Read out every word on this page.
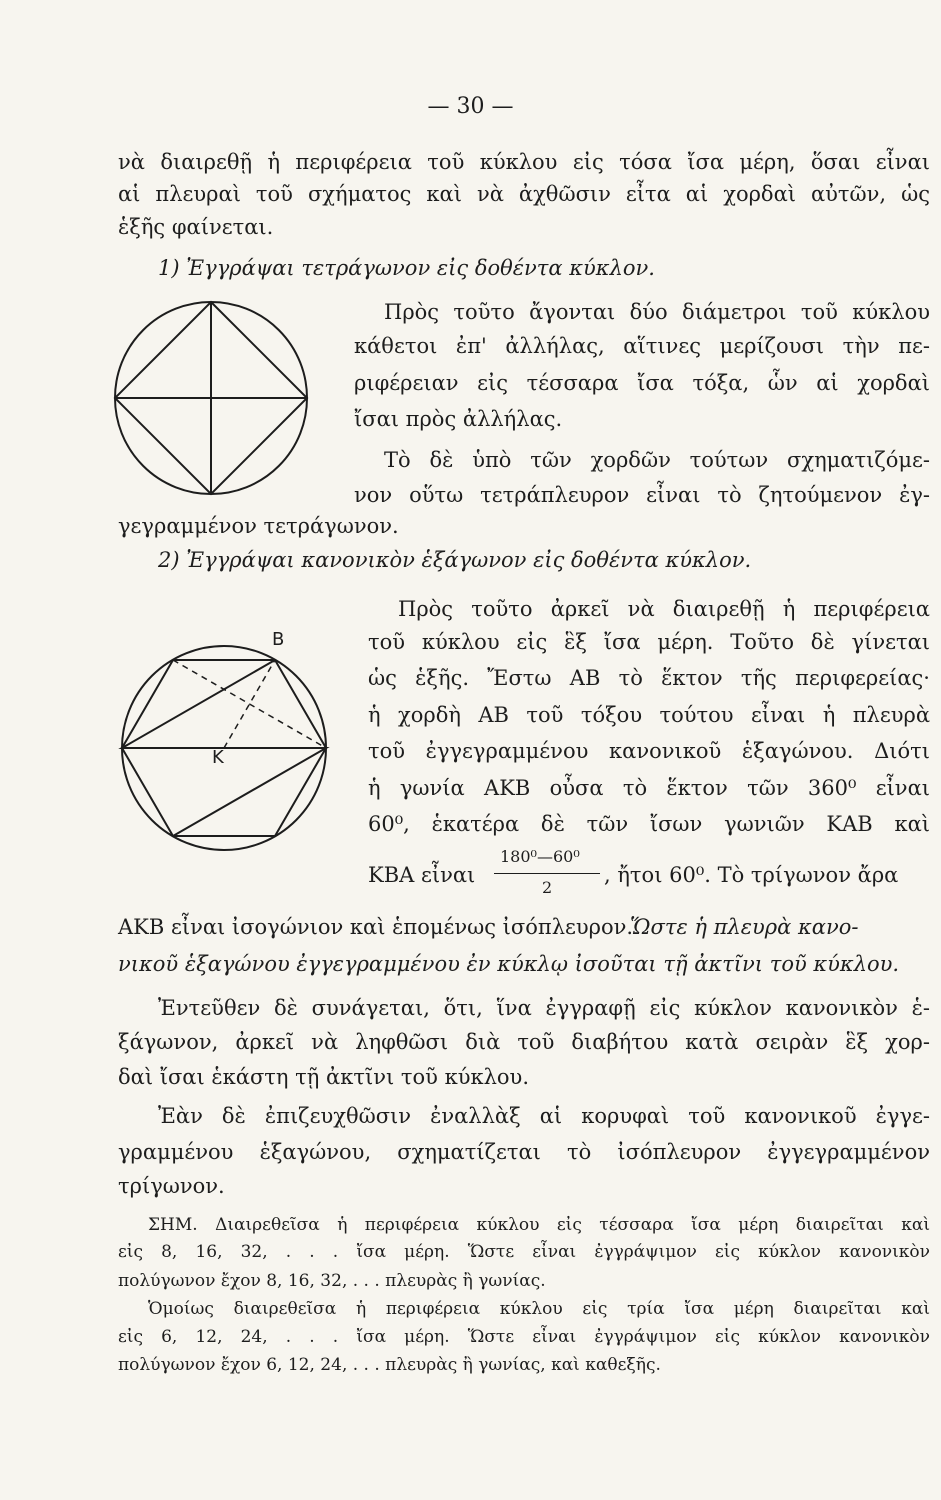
— 30 —
νὰ διαιρεθῇ ἡ περιφέρεια τοῦ κύκλου εἰς τόσα ἴσα μέρη, ὅσαι εἶναι
αἱ πλευραὶ τοῦ σχήματος καὶ νὰ ἀχθῶσιν εἶτα αἱ χορδαὶ αὐτῶν, ὡς
ἑξῆς φαίνεται.
1) Ἐγγράψαι τετράγωνον εἰς δοθέντα κύκλον.
Πρὸς τοῦτο ἄγονται δύο διάμετροι τοῦ κύκλου
κάθετοι ἐπ' ἀλλήλας, αἵτινες μερίζουσι τὴν πε-
ριφέρειαν εἰς τέσσαρα ἴσα τόξα, ὧν αἱ χορδαὶ
ἴσαι πρὸς ἀλλήλας.
Τὸ δὲ ὑπὸ τῶν χορδῶν τούτων σχηματιζόμε-
νον οὕτω τετράπλευρον εἶναι τὸ ζητούμενον ἐγ-
γεγραμμένον τετράγωνον.
2) Ἐγγράψαι κανονικὸν ἑξάγωνον εἰς δοθέντα κύκλον.
B
K
Πρὸς τοῦτο ἀρκεῖ νὰ διαιρεθῇ ἡ περιφέρεια
τοῦ κύκλου εἰς ἓξ ἴσα μέρη. Τοῦτο δὲ γίνεται
ὡς ἑξῆς. Ἔστω ΑΒ τὸ ἕκτον τῆς περιφερείας·
ἡ χορδὴ ΑΒ τοῦ τόξου τούτου εἶναι ἡ πλευρὰ
τοῦ ἐγγεγραμμένου κανονικοῦ ἑξαγώνου. Διότι
ἡ γωνία ΑΚΒ οὖσα τὸ ἕκτον τῶν 360⁰ εἶναι
60⁰, ἑκατέρα δὲ τῶν ἴσων γωνιῶν ΚΑΒ καὶ
ΚΒΑ εἶναι
180⁰—60⁰
2
, ἤτοι 60⁰. Τὸ τρίγωνον ἄρα
ΑΚΒ εἶναι ἰσογώνιον καὶ ἑπομένως ἰσόπλευρον.
Ὥστε ἡ πλευρὰ κανο-
νικοῦ ἑξαγώνου ἐγγεγραμμένου ἐν κύκλῳ ἰσοῦται τῇ ἀκτῖνι τοῦ κύκλου.
Ἐντεῦθεν δὲ συνάγεται, ὅτι, ἵνα ἐγγραφῇ εἰς κύκλον κανονικὸν ἑ-
ξάγωνον, ἀρκεῖ νὰ ληφθῶσι διὰ τοῦ διαβήτου κατὰ σειρὰν ἓξ χορ-
δαὶ ἴσαι ἑκάστη τῇ ἀκτῖνι τοῦ κύκλου.
Ἐὰν δὲ ἐπιζευχθῶσιν ἐναλλὰξ αἱ κορυφαὶ τοῦ κανονικοῦ ἐγγε-
γραμμένου ἑξαγώνου, σχηματίζεται τὸ ἰσόπλευρον ἐγγεγραμμένον
τρίγωνον.
ΣΗΜ. Διαιρεθεῖσα ἡ περιφέρεια κύκλου εἰς τέσσαρα ἴσα μέρη διαιρεῖται καὶ
εἰς 8, 16, 32, . . . ἴσα μέρη. Ὥστε εἶναι ἐγγράψιμον εἰς κύκλον κανονικὸν
πολύγωνον ἔχον 8, 16, 32, . . . πλευρὰς ἢ γωνίας.
Ὁμοίως διαιρεθεῖσα ἡ περιφέρεια κύκλου εἰς τρία ἴσα μέρη διαιρεῖται καὶ
εἰς 6, 12, 24, . . . ἴσα μέρη. Ὥστε εἶναι ἐγγράψιμον εἰς κύκλον κανονικὸν
πολύγωνον ἔχον 6, 12, 24, . . . πλευρὰς ἢ γωνίας, καὶ καθεξῆς.
